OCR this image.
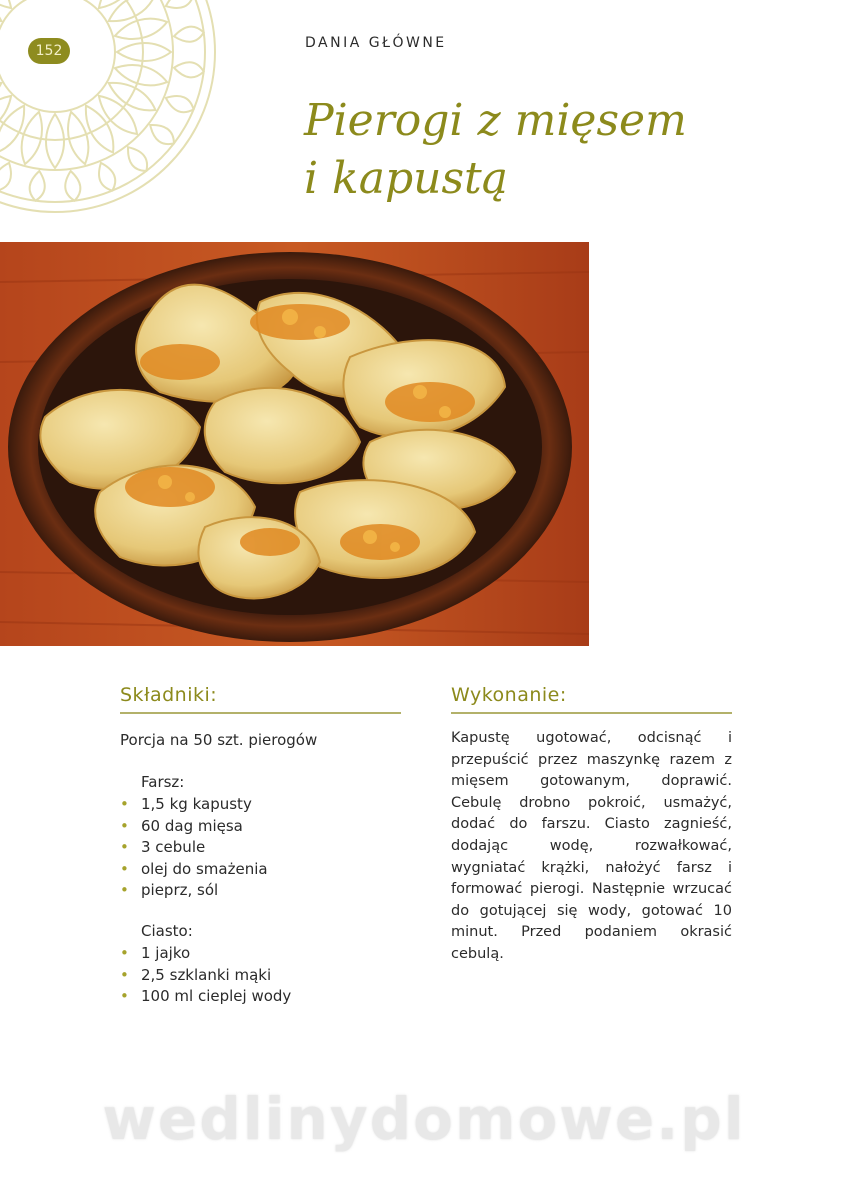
152	DANIA GŁÓWNE
Pierogi z mięsem
i kapustą
Składniki:
Porcja na 50 szt. pierogów
Farsz:
• 1,5 kg kapusty
• 60 dag mięsa
• 3 cebule
• olej do smażenia
• pieprz, sól
Ciasto:
• 1 jajko
• 2,5 szklanki mąki
• 100 ml cieplej wody
Wykonanie:

Kapustę ugotować, odcisnąć i przepuścić przez maszynkę razem z mięsem gotowanym, doprawić. Cebulę drobno pokroić, usmażyć, dodać do farszu. Ciasto zagnieść, dodając wodę, rozwałkować, wygniatać krążki, nałożyć farsz i formować pierogi. Następnie wrzucać do gotującej się wody, gotować 10 minut. Przed podaniem okrasić cebulą.

wedlinydomowe.pl
